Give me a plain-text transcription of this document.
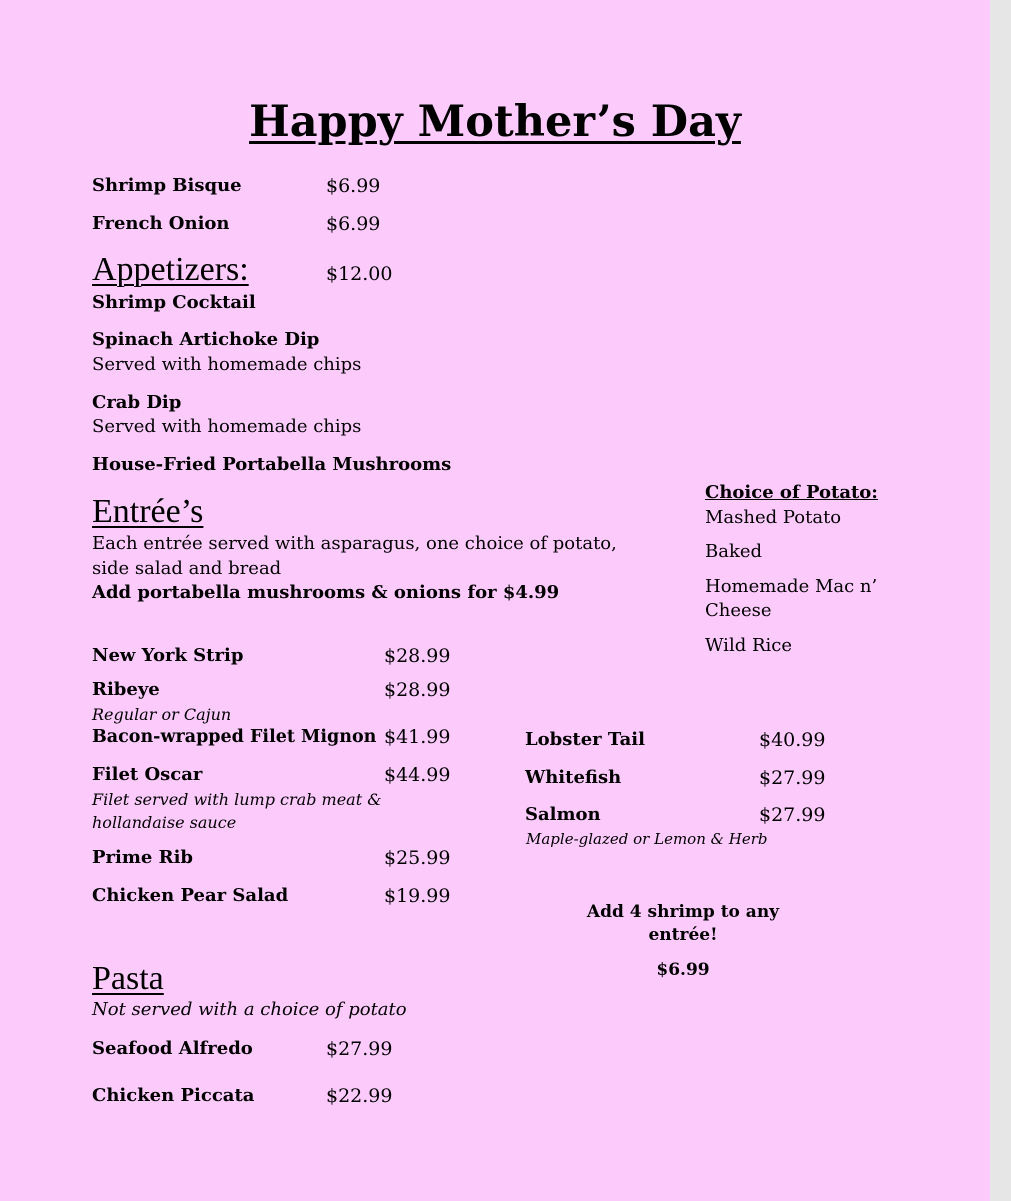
Happy Mother’s Day
Shrimp Bisque	$6.99
French Onion	$6.99
Appetizers:	$12.00
Shrimp Cocktail
Spinach Artichoke Dip
Served with homemade chips
Crab Dip
Served with homemade chips
House-Fried Portabella Mushrooms
Entrée’s
Each entrée served with asparagus, one choice of potato,
side salad and bread
Add portabella mushrooms & onions for $4.99
Choice of Potato:
Mashed Potato
Baked
Homemade Mac n’
Cheese
Wild Rice
New York Strip	$28.99
Ribeye	$28.99
Regular or Cajun
Bacon-wrapped Filet Mignon $41.99
Filet Oscar	$44.99
Filet served with lump crab meat &
hollandaise sauce
Prime Rib	$25.99
Chicken Pear Salad	$19.99
Lobster Tail	$40.99
Whitefish	$27.99
Salmon	$27.99
Maple-glazed or Lemon & Herb
Add 4 shrimp to any
entrée!
$6.99
Pasta
Not served with a choice of potato
Seafood Alfredo	$27.99
Chicken Piccata	$22.99
